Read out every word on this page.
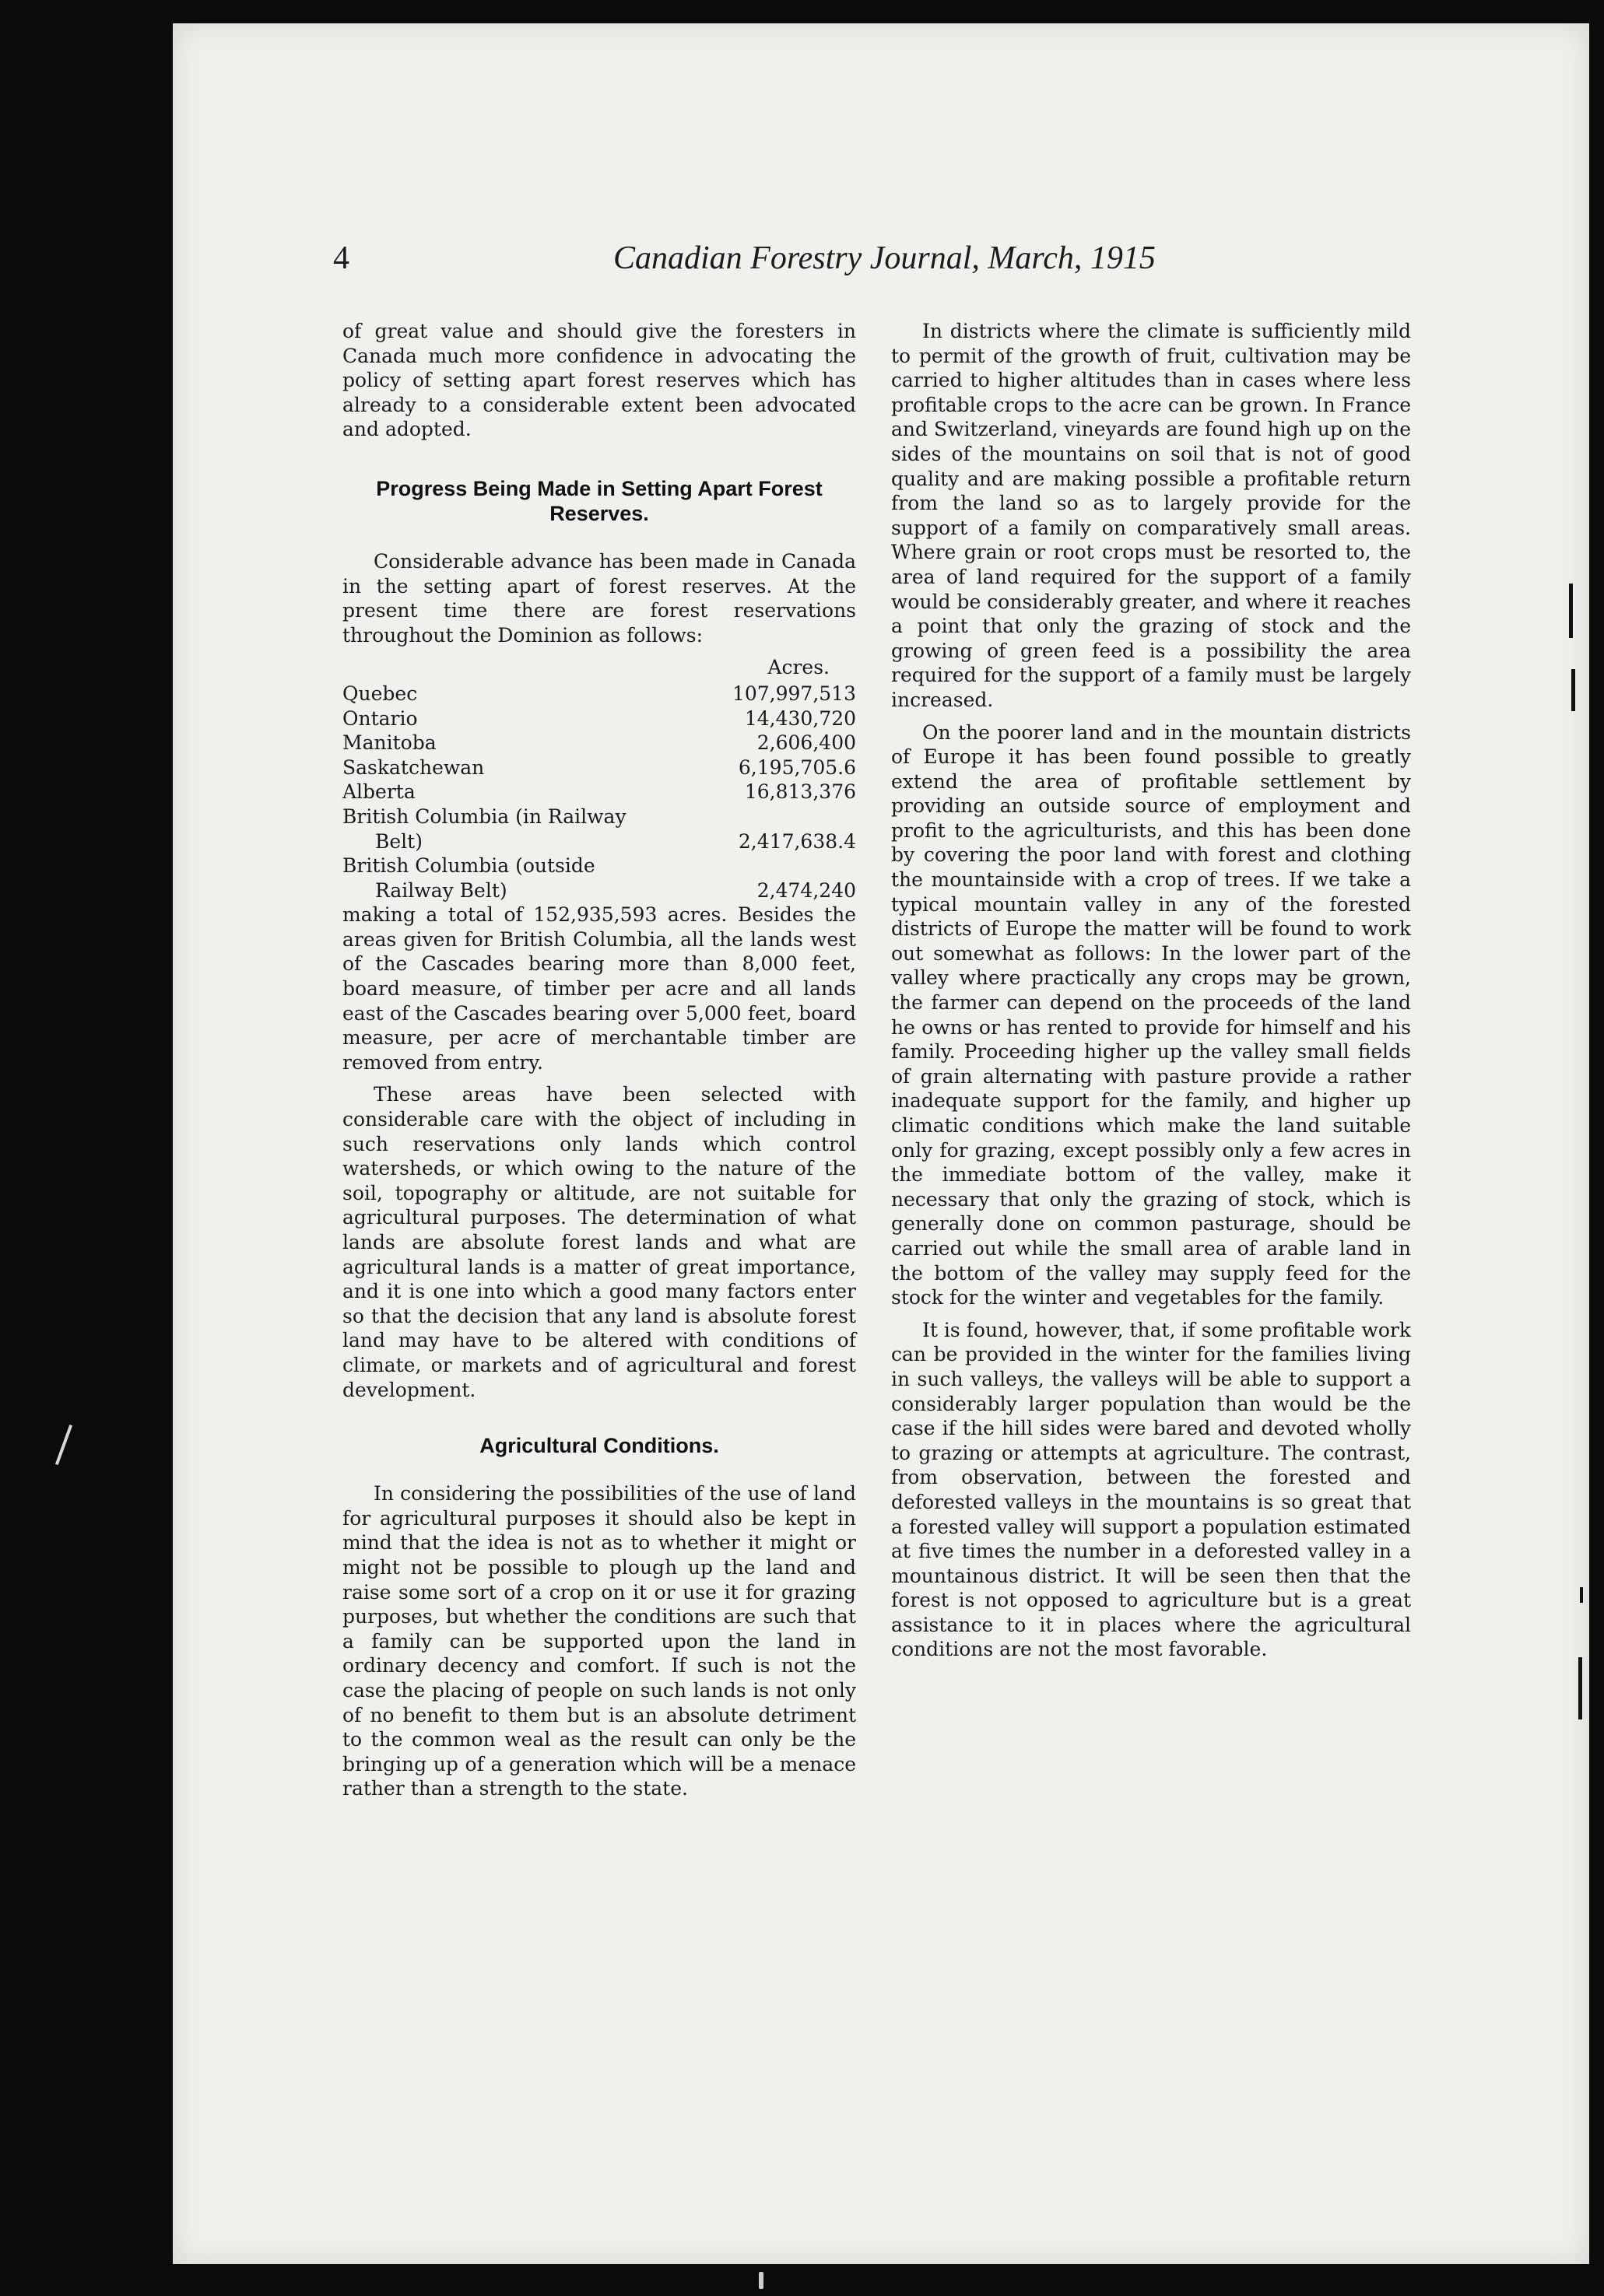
4	Canadian Forestry Journal, March, 1915

of great value and should give the foresters in Canada much more confidence in advocating the policy of setting apart forest reserves which has already to a considerable extent been advocated and adopted.

Progress Being Made in Setting Apart Forest Reserves.

Considerable advance has been made in Canada in the setting apart of forest reserves. At the present time there are forest reservations throughout the Dominion as follows:

Acres.
Quebec	107,997,513
Ontario	14,430,720
Manitoba	2,606,400
Saskatchewan	6,195,705.6
Alberta	16,813,376
British Columbia (in Railway
Belt)	2,417,638.4
British Columbia (outside
Railway Belt)	2,474,240

making a total of 152,935,593 acres. Besides the areas given for British Columbia, all the lands west of the Cascades bearing more than 8,000 feet, board measure, of timber per acre and all lands east of the Cascades bearing over 5,000 feet, board measure, per acre of merchantable timber are removed from entry.

These areas have been selected with considerable care with the object of including in such reservations only lands which control watersheds, or which owing to the nature of the soil, topography or altitude, are not suitable for agricultural purposes. The determination of what lands are absolute forest lands and what are agricultural lands is a matter of great importance, and it is one into which a good many factors enter so that the decision that any land is absolute forest land may have to be altered with conditions of climate, or markets and of agricultural and forest development.

Agricultural Conditions.

In considering the possibilities of the use of land for agricultural purposes it should also be kept in mind that the idea is not as to whether it might or might not be possible to plough up the land and raise some sort of a crop on it or use it for grazing purposes, but whether the conditions are such that a family can be supported upon the land in ordinary decency and comfort. If such is not the case the placing of people on such lands is not only of no benefit to them but is an absolute detriment to the common weal as the result can only be the bringing up of a generation which will be a menace rather than a strength to the state.

In districts where the climate is sufficiently mild to permit of the growth of fruit, cultivation may be carried to higher altitudes than in cases where less profitable crops to the acre can be grown. In France and Switzerland, vineyards are found high up on the sides of the mountains on soil that is not of good quality and are making possible a profitable return from the land so as to largely provide for the support of a family on comparatively small areas. Where grain or root crops must be resorted to, the area of land required for the support of a family would be considerably greater, and where it reaches a point that only the grazing of stock and the growing of green feed is a possibility the area required for the support of a family must be largely increased.

On the poorer land and in the mountain districts of Europe it has been found possible to greatly extend the area of profitable settlement by providing an outside source of employment and profit to the agriculturists, and this has been done by covering the poor land with forest and clothing the mountainside with a crop of trees. If we take a typical mountain valley in any of the forested districts of Europe the matter will be found to work out somewhat as follows: In the lower part of the valley where practically any crops may be grown, the farmer can depend on the proceeds of the land he owns or has rented to provide for himself and his family. Proceeding higher up the valley small fields of grain alternating with pasture provide a rather inadequate support for the family, and higher up climatic conditions which make the land suitable only for grazing, except possibly only a few acres in the immediate bottom of the valley, make it necessary that only the grazing of stock, which is generally done on common pasturage, should be carried out while the small area of arable land in the bottom of the valley may supply feed for the stock for the winter and vegetables for the family.

It is found, however, that, if some profitable work can be provided in the winter for the families living in such valleys, the valleys will be able to support a considerably larger population than would be the case if the hill sides were bared and devoted wholly to grazing or attempts at agriculture. The contrast, from observation, between the forested and deforested valleys in the mountains is so great that a forested valley will support a population estimated at five times the number in a deforested valley in a mountainous district. It will be seen then that the forest is not opposed to agriculture but is a great assistance to it in places where the agricultural conditions are not the most favorable.
